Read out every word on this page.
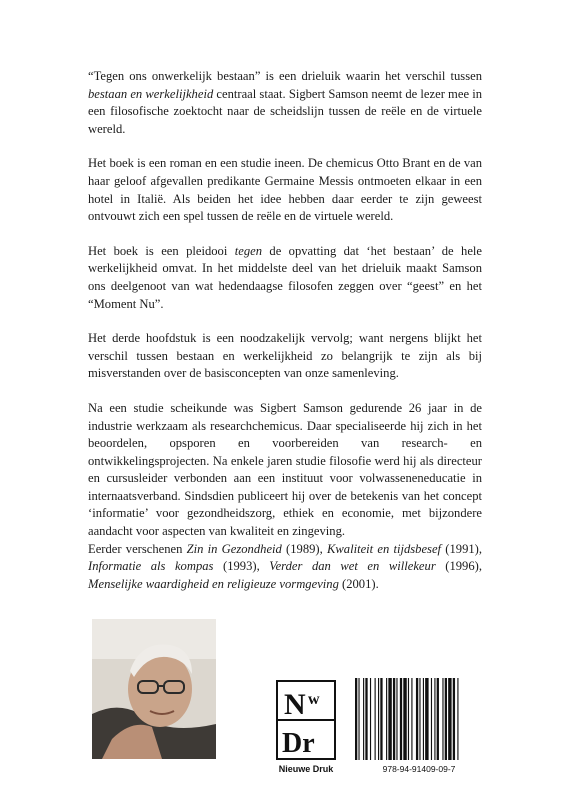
“Tegen ons onwerkelijk bestaan” is een drieluik waarin het verschil tussen bestaan en werkelijkheid centraal staat. Sigbert Samson neemt de lezer mee in een filosofische zoektocht naar de scheidslijn tussen de reële en de virtuele wereld.

Het boek is een roman en een studie ineen. De chemicus Otto Brant en de van haar geloof afgevallen predikante Germaine Messis ontmoeten elkaar in een hotel in Italië. Als beiden het idee hebben daar eerder te zijn geweest ontvouwt zich een spel tussen de reële en de virtuele wereld.

Het boek is een pleidooi tegen de opvatting dat ‘het bestaan’ de hele werkelijkheid omvat. In het middelste deel van het drieluik maakt Samson ons deelgenoot van wat hedendaagse filosofen zeggen over “geest” en het “Moment Nu”.

Het derde hoofdstuk is een noodzakelijk vervolg; want nergens blijkt het verschil tussen bestaan en werkelijkheid zo belangrijk te zijn als bij misverstanden over de basisconcepten van onze samenleving.

Na een studie scheikunde was Sigbert Samson gedurende 26 jaar in de industrie werkzaam als researchchemicus. Daar specialiseerde hij zich in het beoordelen, opsporen en voorbereiden van research- en ontwikkelingsprojecten. Na enkele jaren studie filosofie werd hij als directeur en cursusleider verbonden aan een instituut voor volwasseneneducatie in internaatsverband. Sindsdien publiceert hij over de betekenis van het concept ‘informatie’ voor gezondheidszorg, ethiek en economie, met bijzondere aandacht voor aspecten van kwaliteit en zingeving.

Eerder verschenen Zin in Gezondheid (1989), Kwaliteit en tijdsbesef (1991), Informatie als kompas (1993), Verder dan wet en willekeur (1996), Menselijke waardigheid en religieuze vormgeving (2001).

N w
Dr
Nieuwe Druk	978-94-91409-09-7
